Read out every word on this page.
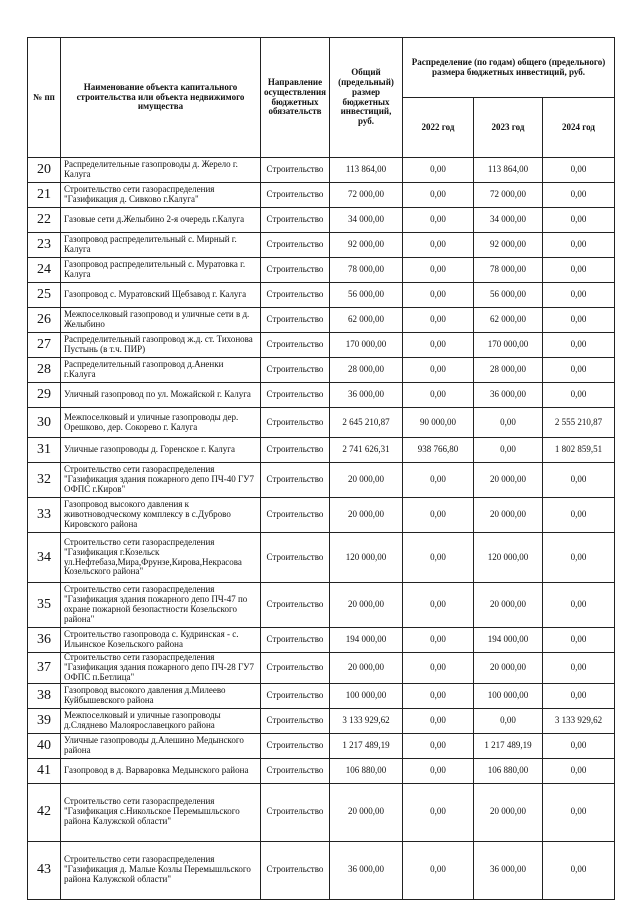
№ пп	Наименование объекта капитального строительства или объекта недвижимого имущества	Направление осуществления бюджетных обязательств	Общий (предельный) размер бюджетных инвестиций, руб.	Распределение (по годам) общего (предельного) размера бюджетных инвестиций, руб.		
				2022 год	2023 год	2024 год
20	Распределительные газопроводы д. Жерело г. Калуга	Строительство	113 864,00	0,00	113 864,00	0,00
21	Строительство сети газораспределения "Газификация д. Сивково г.Калуга"	Строительство	72 000,00	0,00	72 000,00	0,00
22	Газовые сети д.Желыбино 2-я очередь г.Калуга	Строительство	34 000,00	0,00	34 000,00	0,00
23	Газопровод распределительный с. Мирный г. Калуга	Строительство	92 000,00	0,00	92 000,00	0,00
24	Газопровод распределительный с. Муратовка г. Калуга	Строительство	78 000,00	0,00	78 000,00	0,00
25	Газопровод с. Муратовский Щебзавод г. Калуга	Строительство	56 000,00	0,00	56 000,00	0,00
26	Межпоселковый газопровод и уличные сети в д. Желыбино	Строительство	62 000,00	0,00	62 000,00	0,00
27	Распределительный газопровод ж.д. ст. Тихонова Пустынь (в т.ч. ПИР)	Строительство	170 000,00	0,00	170 000,00	0,00
28	Распределительный газопровод д.Аненки г.Калуга	Строительство	28 000,00	0,00	28 000,00	0,00
29	Уличный газопровод по ул. Можайской г. Калуга	Строительство	36 000,00	0,00	36 000,00	0,00
30	Межпоселковый и уличные газопроводы дер. Орешково, дер. Сокорево г. Калуга	Строительство	2 645 210,87	90 000,00	0,00	2 555 210,87
31	Уличные газопроводы д. Горенское г. Калуга	Строительство	2 741 626,31	938 766,80	0,00	1 802 859,51
32	Строительство сети газораспределения "Газификация здания пожарного депо ПЧ-40 ГУ7 ОФПС г.Киров"	Строительство	20 000,00	0,00	20 000,00	0,00
33	Газопровод высокого давления к животноводческому комплексу в с.Дуброво Кировского района	Строительство	20 000,00	0,00	20 000,00	0,00
34	Строительство сети газораспределения "Газификация г.Козельск ул.Нефтебаза,Мира,Фрунзе,Кирова,Некрасова Козельского района"	Строительство	120 000,00	0,00	120 000,00	0,00
35	Строительство сети газораспределения "Газификация здания пожарного депо ПЧ-47 по охране пожарной безопастности Козельского района"	Строительство	20 000,00	0,00	20 000,00	0,00
36	Строительство газопровода с. Кудринская - с. Ильинское Козельского района	Строительство	194 000,00	0,00	194 000,00	0,00
37	Строительство сети газораспределения "Газификация здания пожарного депо ПЧ-28 ГУ7 ОФПС п.Бетлица"	Строительство	20 000,00	0,00	20 000,00	0,00
38	Газопровод высокого давления д.Милеево Куйбышевского района	Строительство	100 000,00	0,00	100 000,00	0,00
39	Межпоселковый и уличные газопроводы д.Сляднево Малоярославецкого района	Строительство	3 133 929,62	0,00	0,00	3 133 929,62
40	Уличные газопроводы д.Алешино Медынского района	Строительство	1 217 489,19	0,00	1 217 489,19	0,00
41	Газопровод в д. Варваровка Медынского района	Строительство	106 880,00	0,00	106 880,00	0,00
42	Строительство сети газораспределения "Газификация с.Никольское Перемышльского района Калужской области"	Строительство	20 000,00	0,00	20 000,00	0,00
43	Строительство сети газораспределения "Газификация д. Малые Козлы Перемышльского района Калужской области"	Строительство	36 000,00	0,00	36 000,00	0,00
